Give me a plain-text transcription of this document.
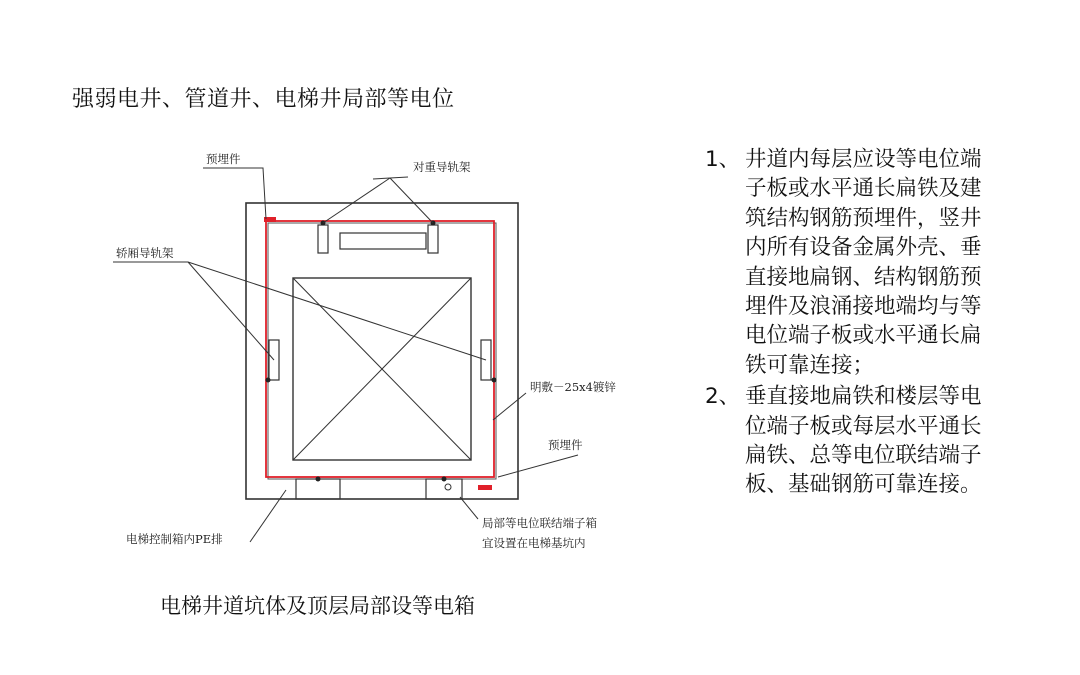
强弱电井、管道井、电梯井局部等电位
预埋件
对重导轨架
轿厢导轨架
明敷－25x4镀锌
预埋件
电梯控制箱内PE排
局部等电位联结端子箱
宜设置在电梯基坑内
电梯井道坑体及顶层局部设等电箱
1、 井道内每层应设等电位端子板或水平通长扁铁及建筑结构钢筋预埋件，竖井内所有设备金属外壳、垂直接地扁钢、结构钢筋预埋件及浪涌接地端均与等电位端子板或水平通长扁铁可靠连接；
2、 垂直接地扁铁和楼层等电位端子板或每层水平通长扁铁、总等电位联结端子板、基础钢筋可靠连接。
